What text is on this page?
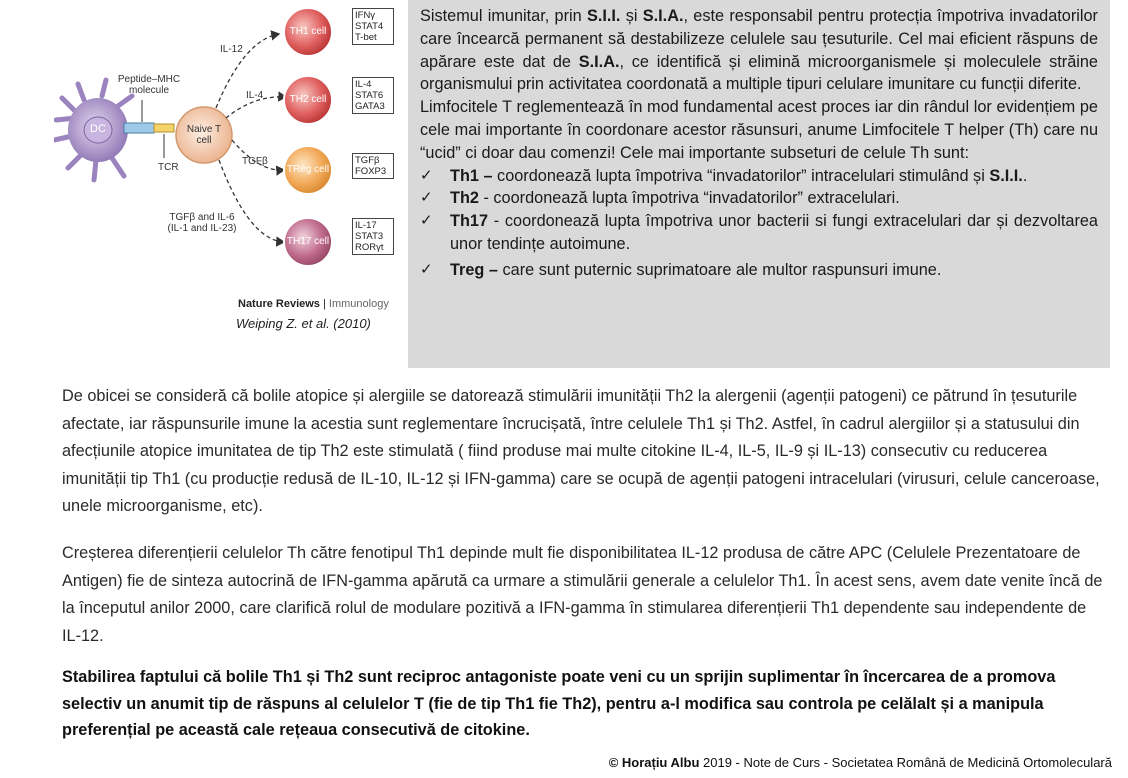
DC
Peptide–MHC molecule
TCR
Naive T cell
IL-12
IL-4
TGFβ
TGFβ and IL-6 (IL-1 and IL-23)
TH1 cell
TH2 cell
TReg cell
TH17 cell
IFNγ
STAT4
T-bet
IL-4
STAT6
GATA3
TGFβ
FOXP3
IL-17
STAT3
RORγt
Nature Reviews | Immunology
Weiping Z. et al. (2010)

Sistemul imunitar, prin S.I.I. și S.I.A., este responsabil pentru protecția împotriva invadatorilor care încearcă permanent să destabilizeze celulele sau țesuturile. Cel mai eficient răspuns de apărare este dat de S.I.A., ce identifică și elimină microorganismele și moleculele străine organismului prin activitatea coordonată a multiple tipuri celulare imunitare cu funcții diferite.

Limfocitele T reglementează în mod fundamental acest proces iar din rândul lor evidențiem pe cele mai importante în coordonare acestor răsunsuri, anume Limfocitele T helper (Th) care nu “ucid” ci doar dau comenzi! Cele mai importante subseturi de celule Th sunt:

✓ Th1 – coordonează lupta împotriva “invadatorilor” intracelulari stimulând și S.I.I..
✓ Th2 - coordonează lupta împotriva “invadatorilor” extracelulari.
✓ Th17 - coordonează lupta împotriva unor bacterii si fungi extracelulari dar și dezvoltarea unor tendințe autoimune.
✓ Treg – care sunt puternic suprimatoare ale multor raspunsuri imune.

De obicei se consideră că bolile atopice și alergiile se datorează stimulării imunității Th2 la alergenii (agenții patogeni) ce pătrund în țesuturile afectate, iar răspunsurile imune la acestia sunt reglementare încrucișată, între celulele Th1 și Th2. Astfel, în cadrul alergiilor și a statusului din afecțiunile atopice imunitatea de tip Th2 este stimulată ( fiind produse mai multe citokine IL-4, IL-5, IL-9 și IL-13) consecutiv cu reducerea imunității tip Th1 (cu producție redusă de IL-10, IL-12 și IFN-gamma) care se ocupă de agenții patogeni intracelulari (virusuri, celule canceroase, unele microorganisme, etc).

Creșterea diferențierii celulelor Th către fenotipul Th1 depinde mult fie disponibilitatea IL-12 produsa de către APC (Celulele Prezentatoare de Antigen) fie de sinteza autocrină de IFN-gamma apărută ca urmare a stimulării generale a celulelor Th1. În acest sens, avem date venite încă de la începutul anilor 2000, care clarifică rolul de modulare pozitivă a IFN-gamma în stimularea diferențierii Th1 dependente sau independente de IL-12.

Stabilirea faptului că bolile Th1 și Th2 sunt reciproc antagoniste poate veni cu un sprijin suplimentar în încercarea de a promova selectiv un anumit tip de răspuns al celulelor T (fie de tip Th1 fie Th2), pentru a-l modifica sau controla pe celălalt și a manipula preferențial pe această cale rețeaua consecutivă de citokine.

© Horațiu Albu 2019 - Note de Curs - Societatea Română de Medicină Ortomoleculară
